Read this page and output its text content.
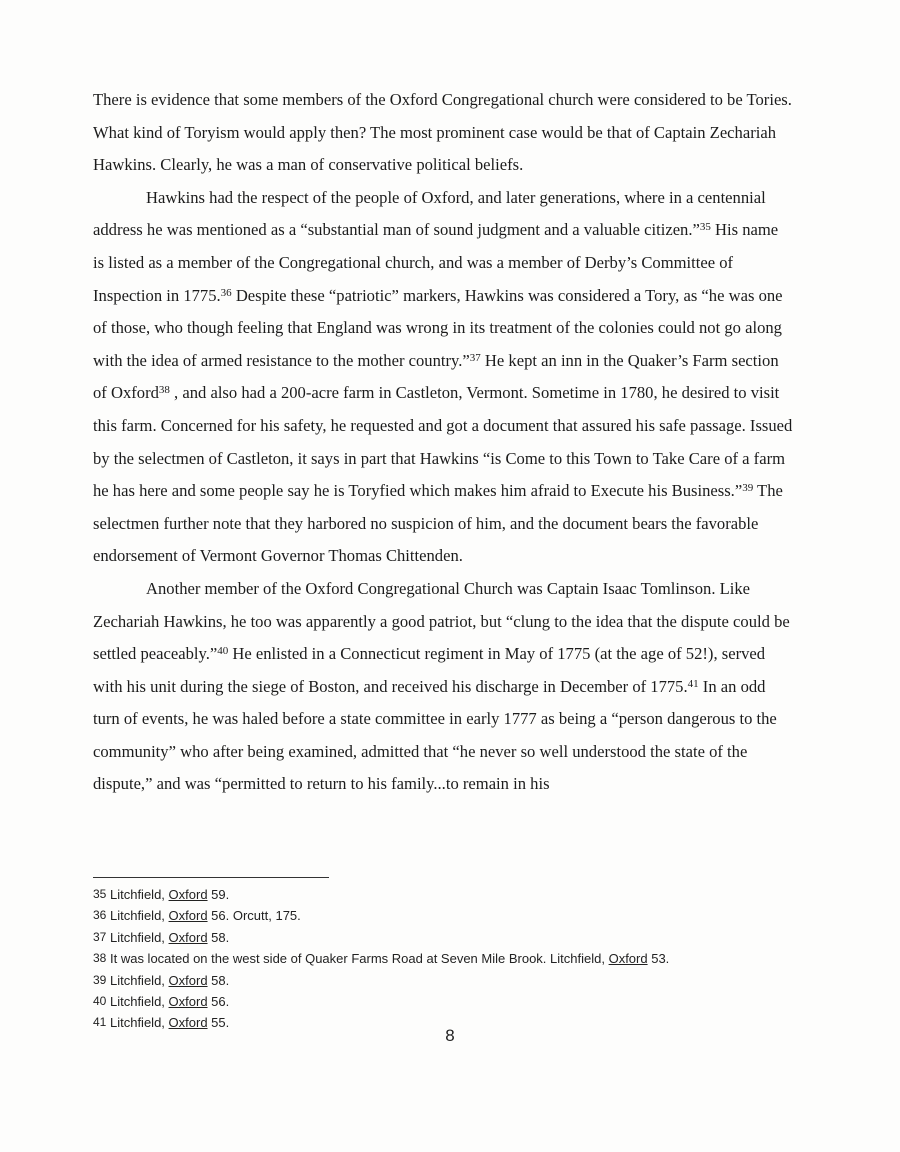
There is evidence that some members of the Oxford Congregational church were considered to be Tories. What kind of Toryism would apply then? The most prominent case would be that of Captain Zechariah Hawkins. Clearly, he was a man of conservative political beliefs.

Hawkins had the respect of the people of Oxford, and later generations, where in a centennial address he was mentioned as a “substantial man of sound judgment and a valuable citizen.”$^{35}$ His name is listed as a member of the Congregational church, and was a member of Derby’s Committee of Inspection in 1775.36 Despite these “patriotic” markers, Hawkins was considered a Tory, as “he was one of those, who though feeling that England was wrong in its treatment of the colonies could not go along with the idea of armed resistance to the mother country.”$^{37}$ He kept an inn in the Quaker’s Farm section of Oxford$^{38}$ , and also had a 200-acre farm in Castleton, Vermont. Sometime in 1780, he desired to visit this farm. Concerned for his safety, he requested and got a document that assured his safe passage. Issued by the selectmen of Castleton, it says in part that Hawkins “is Come to this Town to Take Care of a farm he has here and some people say he is Toryfied which makes him afraid to Execute his Business.”$^{39}$ The selectmen further note that they harbored no suspicion of him, and the document bears the favorable endorsement of Vermont Governor Thomas Chittenden.

Another member of the Oxford Congregational Church was Captain Isaac Tomlinson. Like Zechariah Hawkins, he too was apparently a good patriot, but “clung to the idea that the dispute could be settled peaceably.”$^{40}$ He enlisted in a Connecticut regiment in May of 1775 (at the age of 52!), served with his unit during the siege of Boston, and received his discharge in December of 1775.41 In an odd turn of events, he was haled before a state committee in early 1777 as being a “person dangerous to the community” who after being examined, admitted that “he never so well understood the state of the dispute,” and was “permitted to return to his family...to remain in his

35 Litchfield, Oxford 59.
36 Litchfield, Oxford 56. Orcutt, 175.
37 Litchfield, Oxford 58.
38 It was located on the west side of Quaker Farms Road at Seven Mile Brook. Litchfield, Oxford 53.
39 Litchfield, Oxford 58.
40 Litchfield, Oxford 56.
41 Litchfield, Oxford 55.
8
